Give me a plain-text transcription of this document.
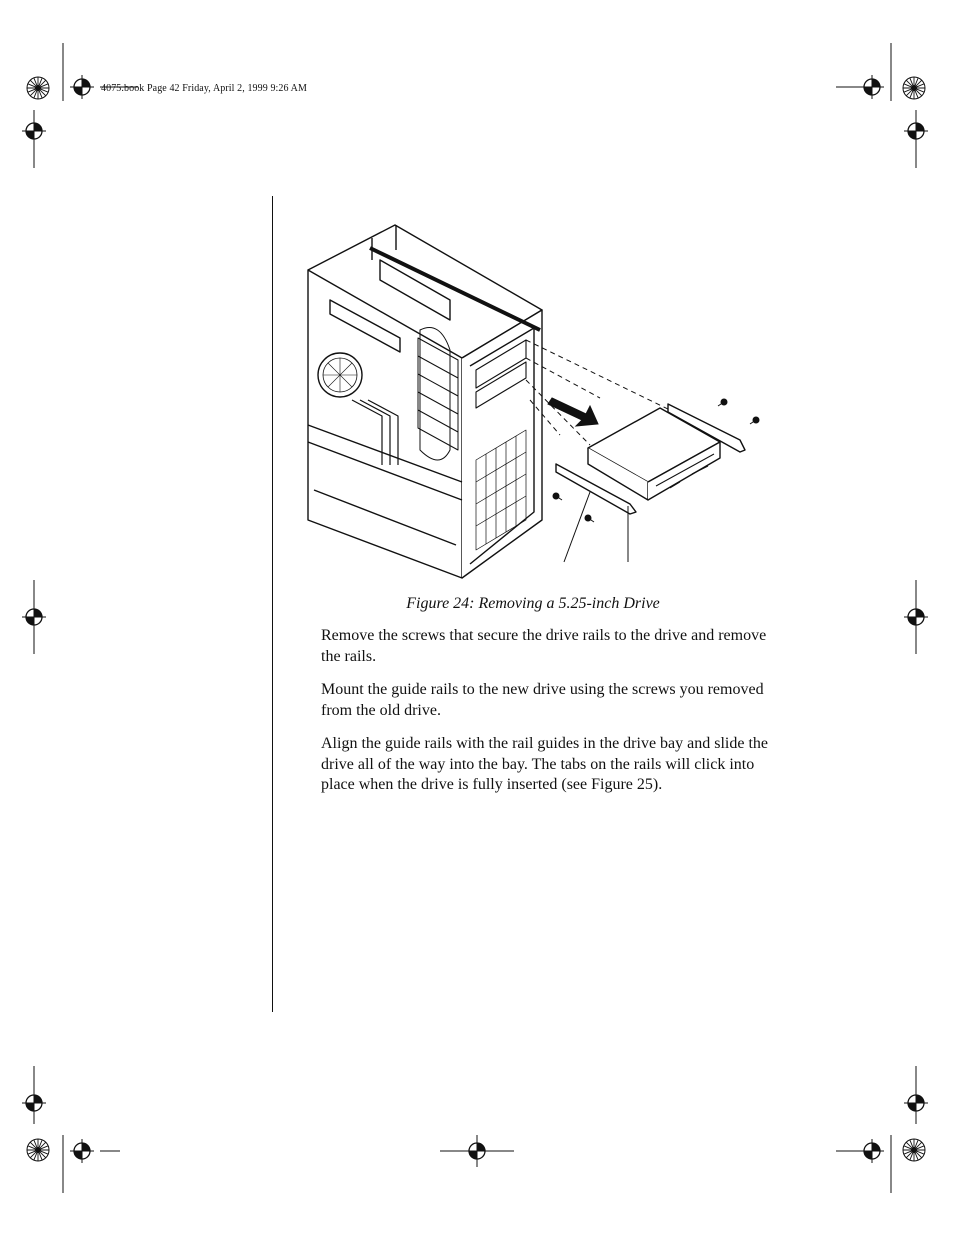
4075.book Page 42 Friday, April 2, 1999 9:26 AM
Figure 24: Removing a 5.25-inch Drive

Remove the screws that secure the drive rails to the drive and remove the rails.

Mount the guide rails to the new drive using the screws you removed from the old drive.

Align the guide rails with the rail guides in the drive bay and slide the drive all of the way into the bay. The tabs on the rails will click into place when the drive is fully inserted (see Figure 25).
